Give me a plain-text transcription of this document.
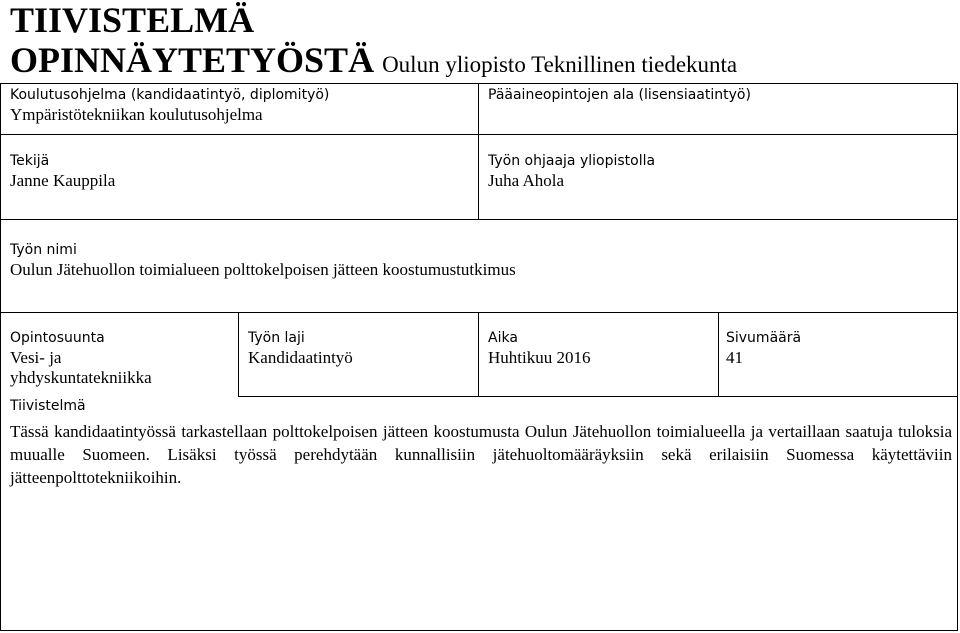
TIIVISTELMÄ
OPINNÄYTETYÖSTÄ Oulun yliopisto Teknillinen tiedekunta
Koulutusohjelma (kandidaatintyö, diplomityö)
Ympäristötekniikan koulutusohjelma
Pääaineopintojen ala (lisensiaatintyö)
Tekijä
Janne Kauppila
Työn ohjaaja yliopistolla
Juha Ahola
Työn nimi
Oulun Jätehuollon toimialueen polttokelpoisen jätteen koostumustutkimus
Opintosuunta
Vesi- ja
yhdyskuntatekniikka
Työn laji
Kandidaatintyö
Aika
Huhtikuu 2016
Sivumäärä
41
Tiivistelmä
Tässä kandidaatintyössä tarkastellaan polttokelpoisen jätteen koostumusta Oulun Jätehuollon toimialueella ja vertaillaan saatuja tuloksia muualle Suomeen. Lisäksi työssä perehdytään kunnallisiin jätehuoltomääräyksiin sekä erilaisiin Suomessa käytettäviin jätteenpolttotekniikoihin.
